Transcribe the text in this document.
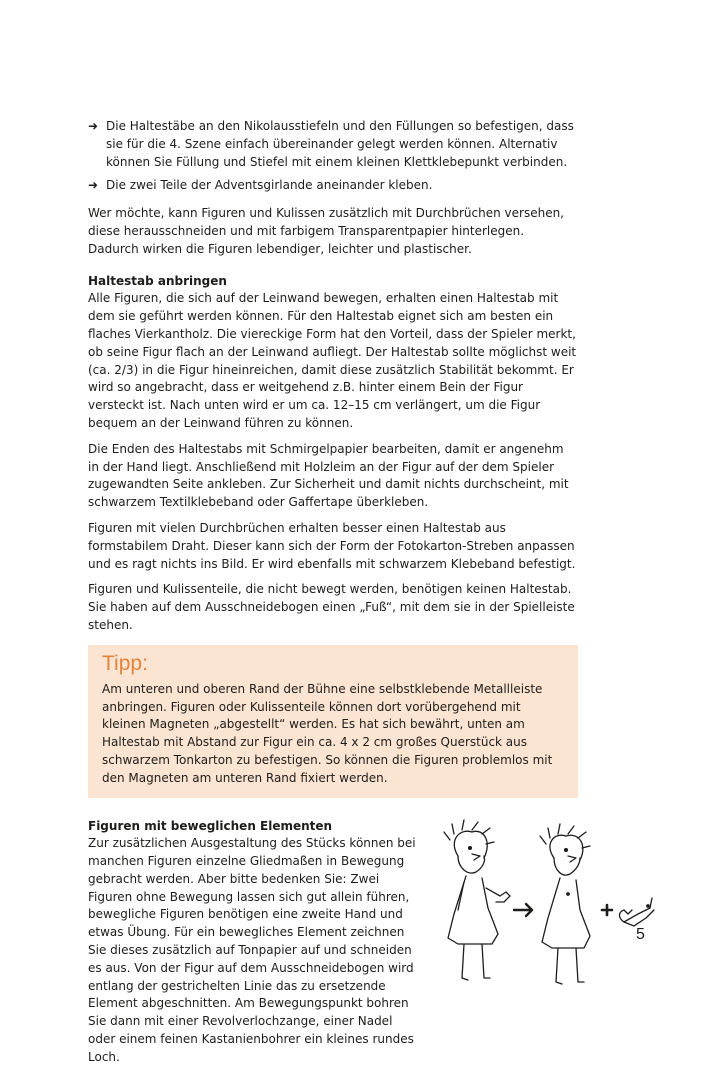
➜ Die Haltestäbe an den Nikolausstiefeln und den Füllungen so befestigen, dass sie für die 4. Szene einfach übereinander gelegt werden können. Alternativ können Sie Füllung und Stiefel mit einem kleinen Klettklebepunkt verbinden.
➜ Die zwei Teile der Adventsgirlande aneinander kleben.

Wer möchte, kann Figuren und Kulissen zusätzlich mit Durchbrüchen versehen, diese herausschneiden und mit farbigem Transparentpapier hinterlegen. Dadurch wirken die Figuren lebendiger, leichter und plastischer.

Haltestab anbringen

Alle Figuren, die sich auf der Leinwand bewegen, erhalten einen Haltestab mit dem sie geführt werden können. Für den Haltestab eignet sich am besten ein flaches Vierkantholz. Die viereckige Form hat den Vorteil, dass der Spieler merkt, ob seine Figur flach an der Leinwand aufliegt. Der Haltestab sollte möglichst weit (ca. 2/3) in die Figur hineinreichen, damit diese zusätzlich Stabilität bekommt. Er wird so angebracht, dass er weitgehend z.B. hinter einem Bein der Figur versteckt ist. Nach unten wird er um ca. 12–15 cm verlängert, um die Figur bequem an der Leinwand führen zu können.

Die Enden des Haltestabs mit Schmirgelpapier bearbeiten, damit er angenehm in der Hand liegt. Anschließend mit Holzleim an der Figur auf der dem Spieler zugewandten Seite ankleben. Zur Sicherheit und damit nichts durchscheint, mit schwarzem Textilklebeband oder Gaffertape überkleben.

Figuren mit vielen Durchbrüchen erhalten besser einen Haltestab aus formstabilem Draht. Dieser kann sich der Form der Fotokarton-Streben anpassen und es ragt nichts ins Bild. Er wird ebenfalls mit schwarzem Klebeband befestigt.

Figuren und Kulissenteile, die nicht bewegt werden, benötigen keinen Haltestab. Sie haben auf dem Ausschneidebogen einen „Fuß“, mit dem sie in der Spielleiste stehen.

Tipp:

Am unteren und oberen Rand der Bühne eine selbstklebende Metallleiste anbringen. Figuren oder Kulissenteile können dort vorübergehend mit kleinen Magneten „abgestellt“ werden. Es hat sich bewährt, unten am Haltestab mit Abstand zur Figur ein ca. 4 x 2 cm großes Querstück aus schwarzem Tonkarton zu befestigen. So können die Figuren problemlos mit den Magneten am unteren Rand fixiert werden.

Figuren mit beweglichen Elementen

Zur zusätzlichen Ausgestaltung des Stücks können bei manchen Figuren einzelne Gliedmaßen in Bewegung gebracht werden. Aber bitte bedenken Sie: Zwei Figuren ohne Bewegung lassen sich gut allein führen, bewegliche Figuren benötigen eine zweite Hand und etwas Übung. Für ein bewegliches Element zeichnen Sie dieses zusätzlich auf Tonpapier auf und schneiden es aus. Von der Figur auf dem Ausschneidebogen wird entlang der gestrichelten Linie das zu ersetzende Element abgeschnitten. Am Bewegungspunkt bohren Sie dann mit einer Revolverlochzange, einer Nadel oder einem feinen Kastanienbohrer ein kleines rundes Loch.

5
